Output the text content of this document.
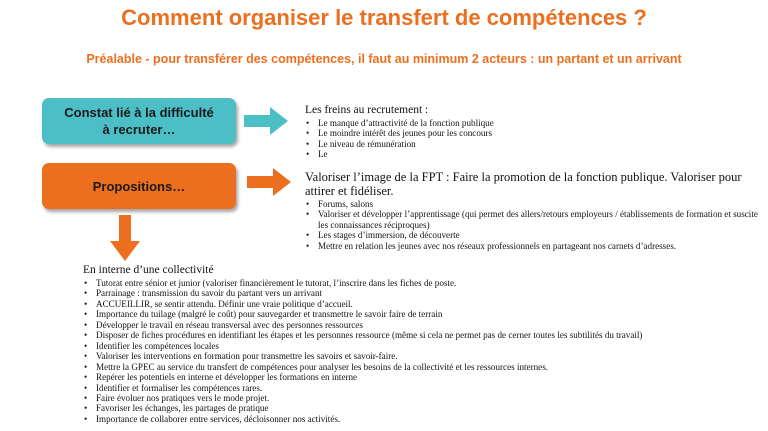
Comment organiser le transfert de compétences ?
Préalable - pour transférer des compétences, il faut au minimum 2 acteurs : un partant et un arrivant
Constat lié à la difficulté
à recruter…
Propositions…
Les freins au recrutement :
• Le manque d’attractivité de la fonction publique
• Le moindre intérêt des jeunes pour les concours
• Le niveau de rémunération
• Le
Valoriser l’image de la FPT : Faire la promotion de la fonction publique. Valoriser pour attirer et fidéliser.
• Forums, salons
• Valoriser et développer l’apprentissage (qui permet des allers/retours employeurs / établissements de formation et suscite les connaissances réciproques)
• Les stages d’immersion, de découverte
• Mettre en relation les jeunes avec nos réseaux professionnels en partageant nos carnets d’adresses.
En interne d’une collectivité
• Tutorat entre sénior et junior (valoriser financièrement le tutorat, l’inscrire dans les fiches de poste.
• Parrainage : transmission du savoir du partant vers un arrivant
• ACCUEILLIR, se sentir attendu. Définir une vraie politique d’accueil.
• Importance du tuilage (malgré le coût) pour sauvegarder et transmettre le savoir faire de terrain
• Développer le travail en réseau transversal avec des personnes ressources
• Disposer de fiches procédures en identifiant les étapes et les personnes ressource (même si cela ne permet pas de cerner toutes les subtilités du travail)
• Identifier les compétences locales
• Valoriser les interventions en formation pour transmettre les savoirs et savoir-faire.
• Mettre la GPEC au service du transfert de compétences pour analyser les besoins de la collectivité et les ressources internes.
• Repérer les potentiels en interne et développer les formations en interne
• Identifier et formaliser les compétences rares.
• Faire évoluer nos pratiques vers le mode projet.
• Favoriser les échanges, les partages de pratique
• Importance de collaborer entre services, décloisonner nos activités.
